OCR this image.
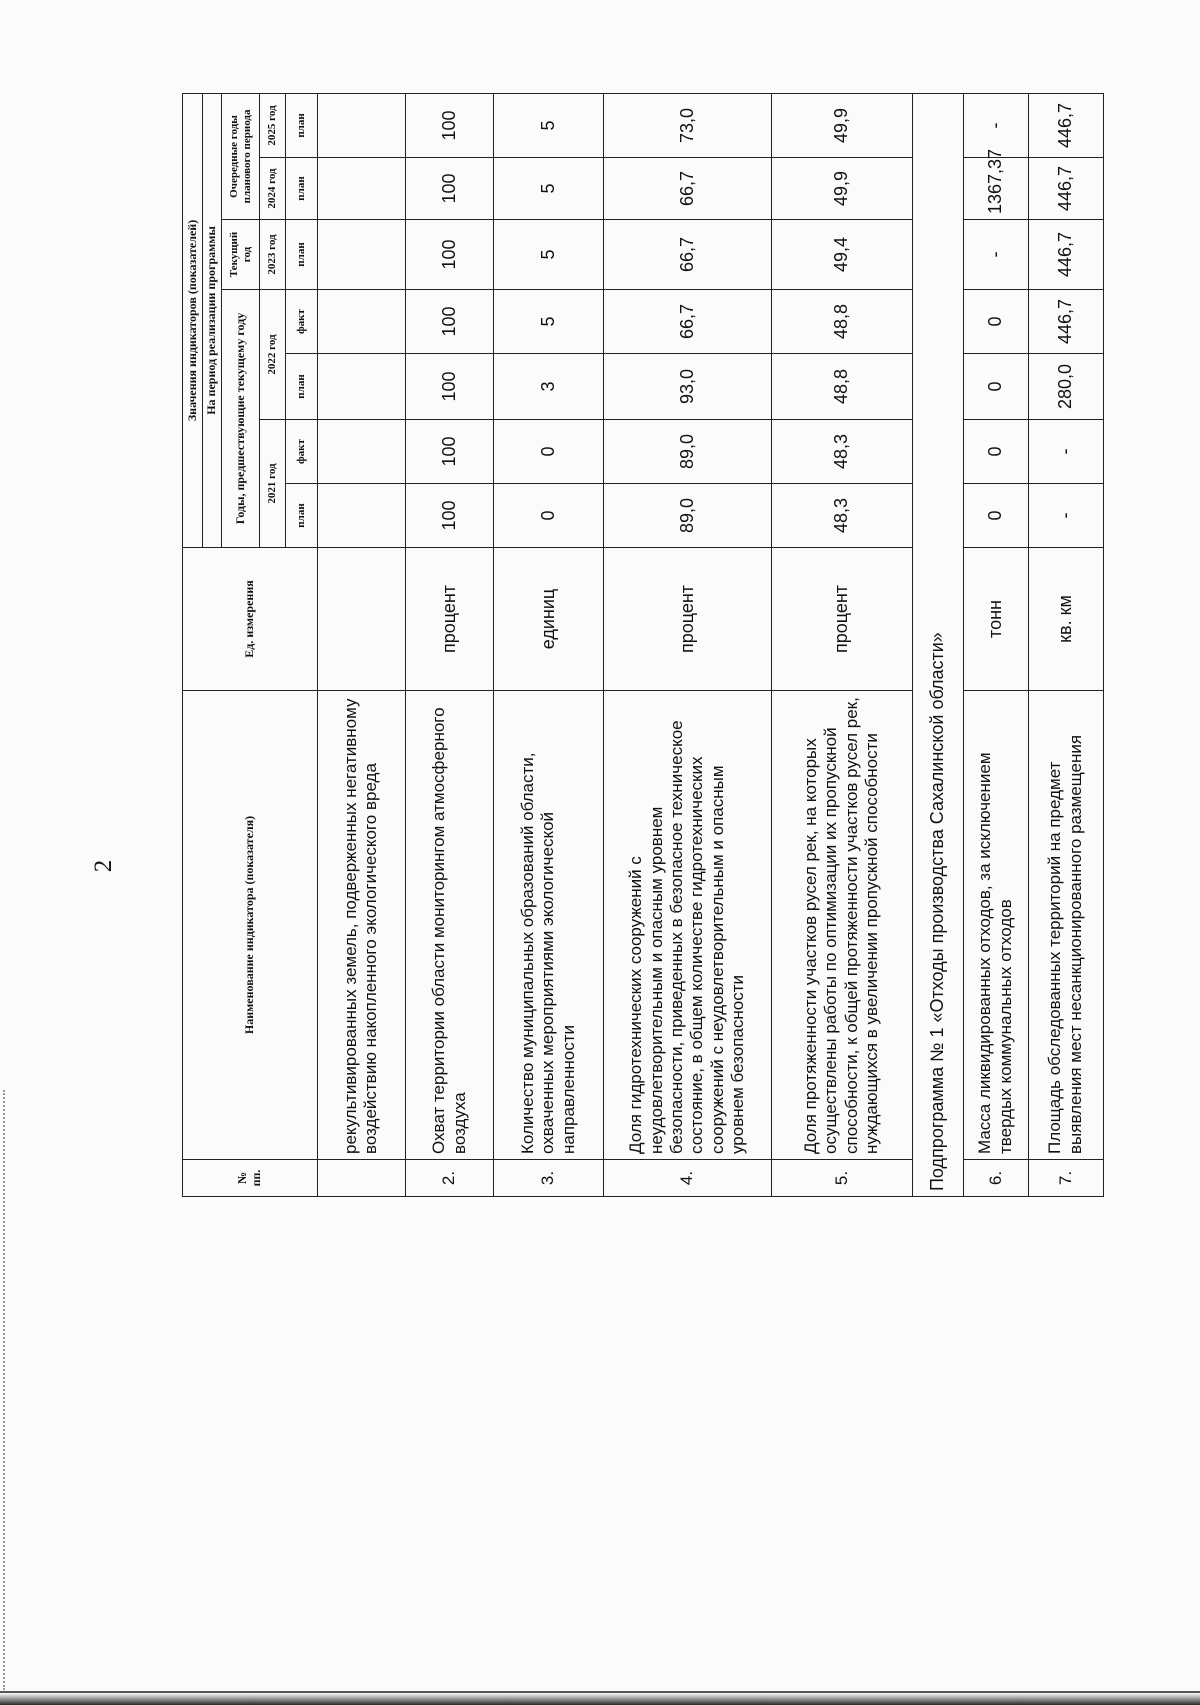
2
№ пп.	Наименование индикатора (показателя)	Ед. измерения	Значения индикаторов (показателей)						
			На период реализации программы						
			Годы, предшествующие текущему году				Текущий год	Очередные годы планового периода	
			2021 год		2022 год		2023 год	2024 год	2025 год
			план	факт	план	факт	план	план	план
	рекультивированных земель, подверженных негативному воздействию накопленного экологического вреда								
2.	Охват территории области мониторингом атмосферного воздуха	процент	100	100	100	100	100	100	100
3.	Количество муниципальных образований области, охваченных мероприятиями экологической направленности	единиц	0	0	3	5	5	5	5
4.	Доля гидротехнических сооружений с неудовлетворительным и опасным уровнем безопасности, приведенных в безопасное техническое состояние, в общем количестве гидротехнических сооружений с неудовлетворительным и опасным уровнем безопасности	процент	89,0	89,0	93,0	66,7	66,7	66,7	73,0
5.	Доля протяженности участков русел рек, на которых осуществлены работы по оптимизации их пропускной способности, к общей протяженности участков русел рек, нуждающихся в увеличении пропускной способности	процент	48,3	48,3	48,8	48,8	49,4	49,9	49,9
Подпрограмма № 1 «Отходы производства Сахалинской области»									
6.	Масса ликвидированных отходов, за исключением твердых коммунальных отходов	тонн	0	0	0	0	-	1367,37	-
7.	Площадь обследованных территорий на предмет выявления мест несанкционированного размещения	кв. км	-	-	280,0	446,7	446,7	446,7	446,7
